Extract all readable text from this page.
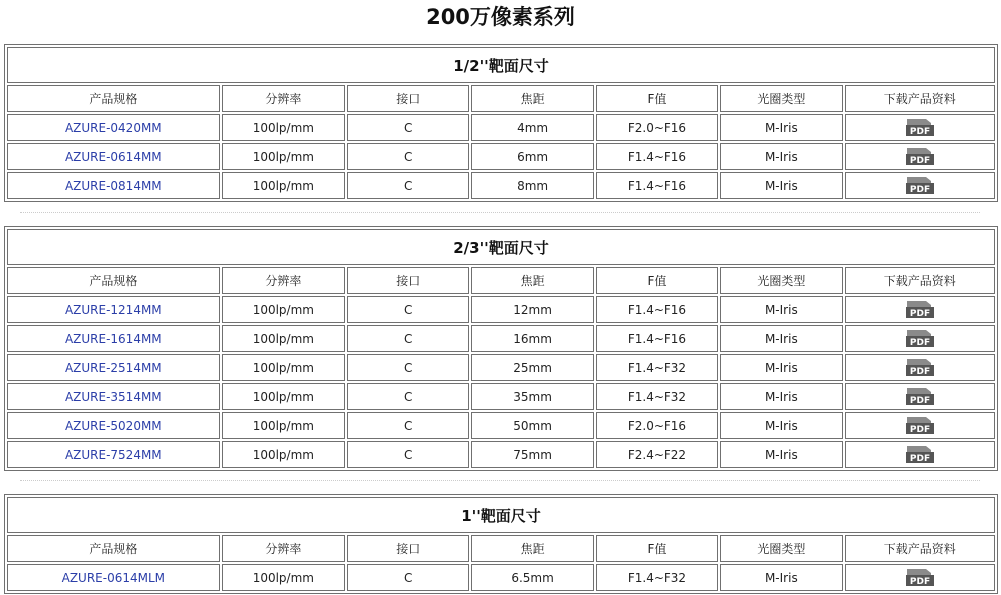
200万像素系列
1/2''靶面尺寸
产品规格	分辨率	接口	焦距	F值	光圈类型	下载产品资料
AZURE-0420MM	100lp/mm	C	4mm	F2.0~F16	M-Iris	PDF

AZURE-0614MM	100lp/mm	C	6mm	F1.4~F16	M-Iris	PDF

AZURE-0814MM	100lp/mm	C	8mm	F1.4~F16	M-Iris	PDF
2/3''靶面尺寸
产品规格	分辨率	接口	焦距	F值	光圈类型	下载产品资料
AZURE-1214MM	100lp/mm	C	12mm	F1.4~F16	M-Iris	PDF

AZURE-1614MM	100lp/mm	C	16mm	F1.4~F16	M-Iris	PDF

AZURE-2514MM	100lp/mm	C	25mm	F1.4~F32	M-Iris	PDF

AZURE-3514MM	100lp/mm	C	35mm	F1.4~F32	M-Iris	PDF

AZURE-5020MM	100lp/mm	C	50mm	F2.0~F16	M-Iris	PDF

AZURE-7524MM	100lp/mm	C	75mm	F2.4~F22	M-Iris	PDF
1''靶面尺寸
产品规格	分辨率	接口	焦距	F值	光圈类型	下载产品资料
AZURE-0614MLM	100lp/mm	C	6.5mm	F1.4~F32	M-Iris	PDF
